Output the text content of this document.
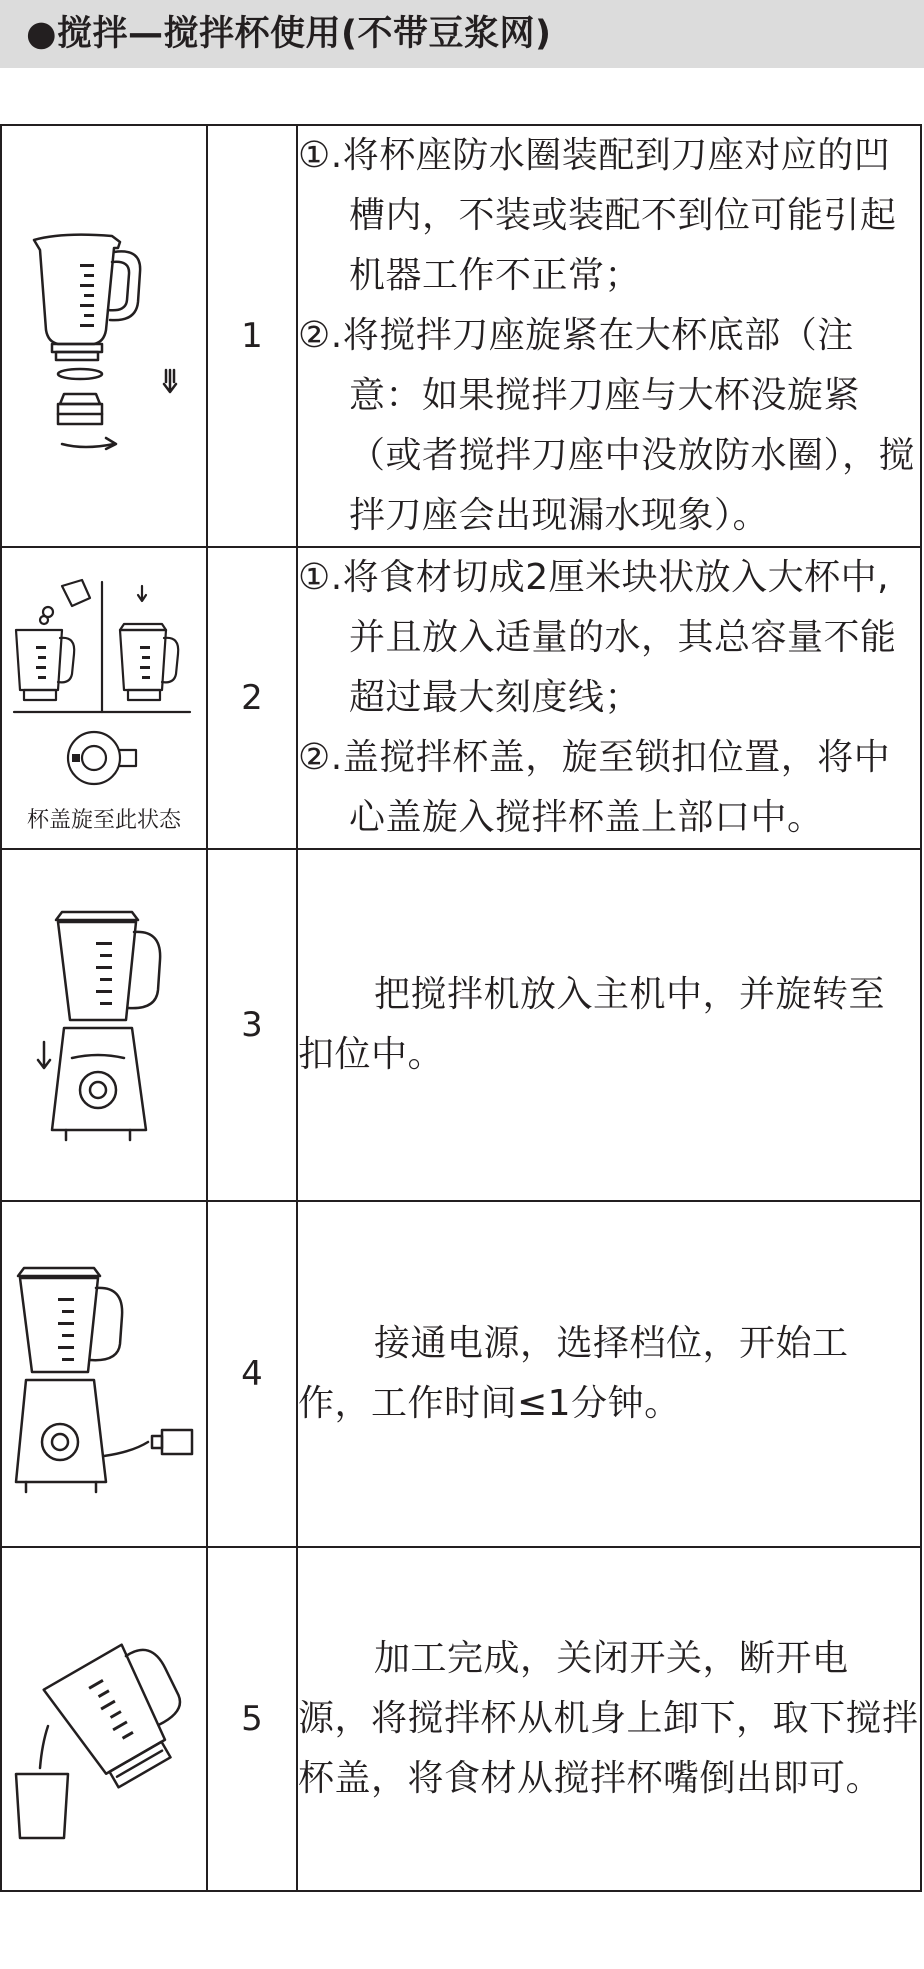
●搅拌—搅拌杯使用(不带豆浆网)
	1	①.将杯座防水圈装配到刀座对应的凹槽内，不装或装配不到位可能引起机器工作不正常；
②.将搅拌刀座旋紧在大杯底部（注意：如果搅拌刀座与大杯没旋紧（或者搅拌刀座中没放防水圈），搅拌刀座会出现漏水现象）。

杯盖旋至此状态	2	①.将食材切成2厘米块状放入大杯中,并且放入适量的水，其总容量不能超过最大刻度线；
②.盖搅拌杯盖，旋至锁扣位置，将中心盖旋入搅拌杯盖上部口中。

	3	把搅拌机放入主机中，并旋转至扣位中。

	4	接通电源，选择档位，开始工作，工作时间≤1分钟。

	5	加工完成，关闭开关，断开电源，将搅拌杯从机身上卸下，取下搅拌杯盖，将食材从搅拌杯嘴倒出即可。
